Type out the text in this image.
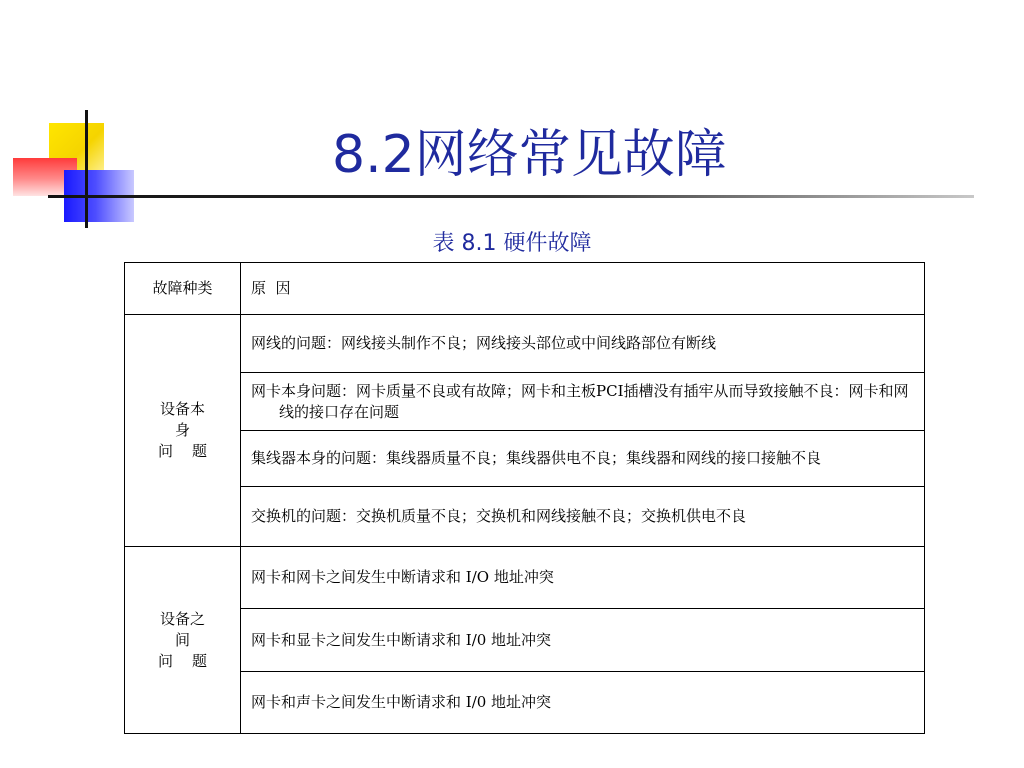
8.2网络常见故障
表 8.1 硬件故障
故障种类	原  因

设备本
身
问    题	网线的问题：网线接头制作不良；网线接头部位或中间线路部位有断线
	网卡本身问题：网卡质量不良或有故障；网卡和主板PCI插槽没有插牢从而导致接触不良：网卡和网线的接口存在问题
	集线器本身的问题：集线器质量不良；集线器供电不良；集线器和网线的接口接触不良
	交换机的问题：交换机质量不良；交换机和网线接触不良；交换机供电不良

设备之
间
问    题	网卡和网卡之间发生中断请求和 I/O 地址冲突
	网卡和显卡之间发生中断请求和 I/0 地址冲突
	网卡和声卡之间发生中断请求和 I/0 地址冲突
